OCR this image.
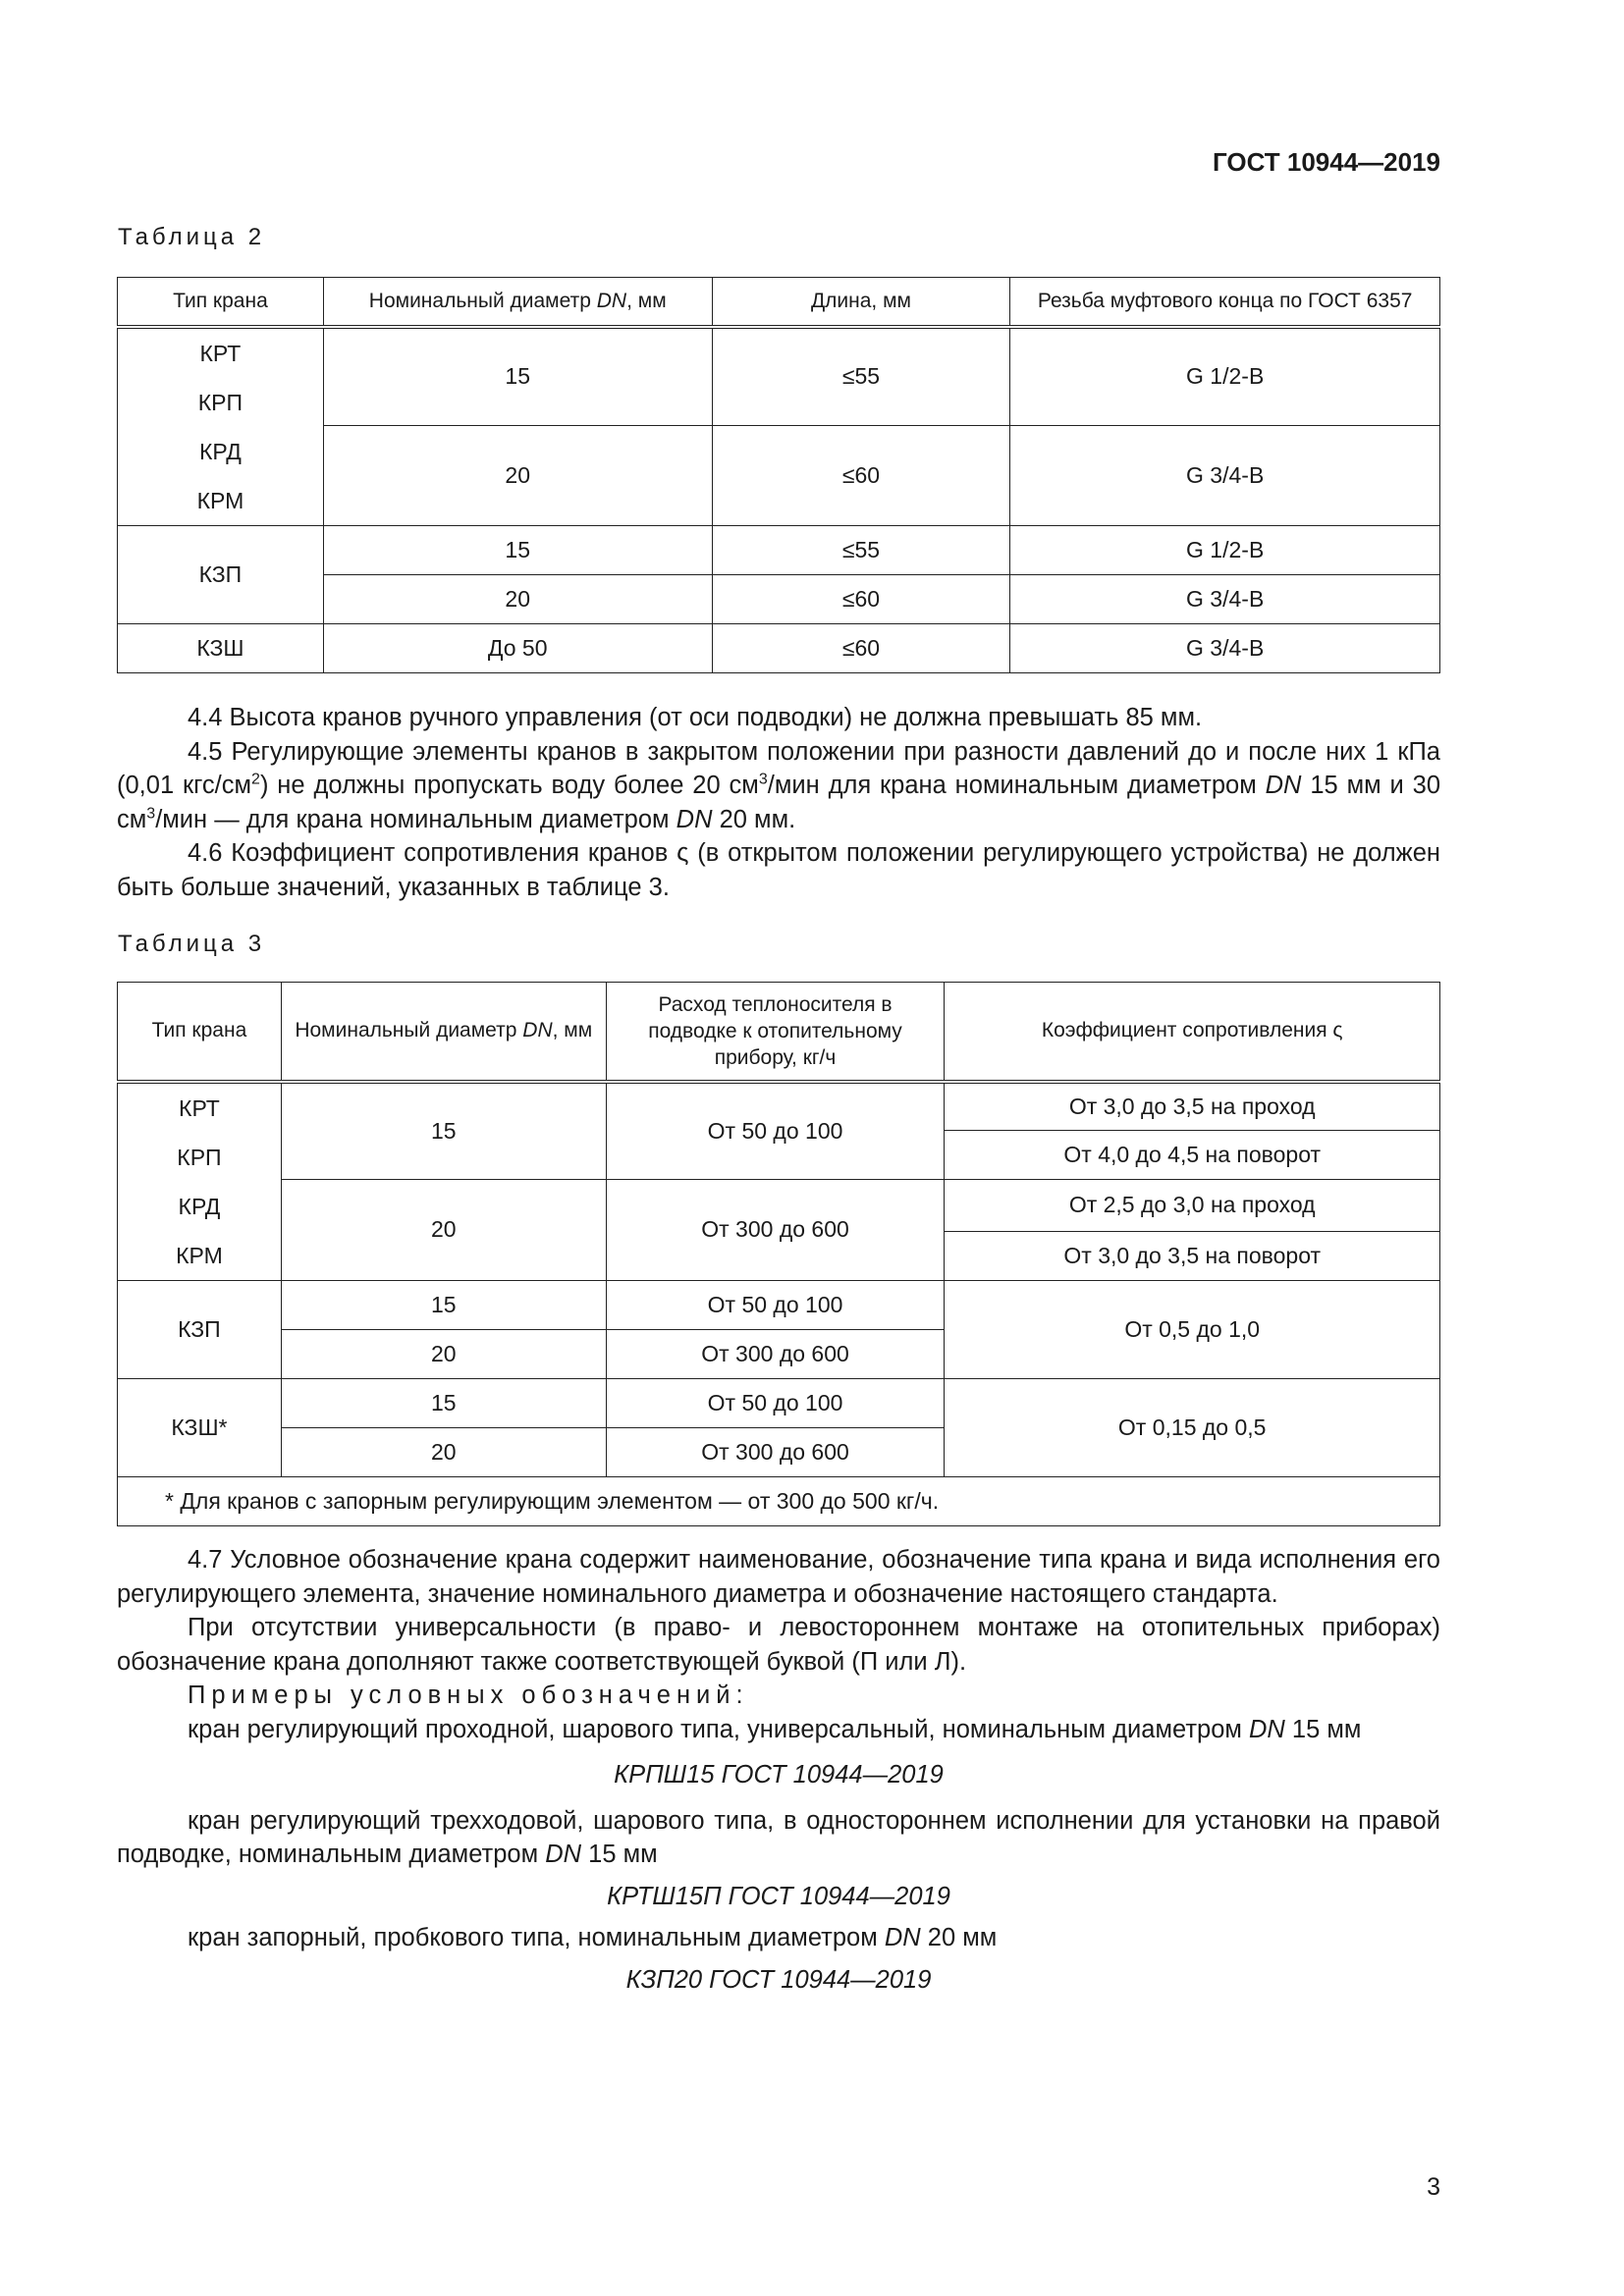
ГОСТ 10944—2019
Таблица 2
Тип крана	Номинальный диаметр DN, мм	Длина, мм	Резьба муфтового конца по ГОСТ 6357

КРТ
КРП
КРД
КРМ	15	≤55	G 1/2-В
	20	≤60	G 3/4-В
КЗП	15	≤55	G 1/2-В
	20	≤60	G 3/4-В
КЗШ	До 50	≤60	G 3/4-В

4.4 Высота кранов ручного управления (от оси подводки) не должна превышать 85 мм.

4.5 Регулирующие элементы кранов в закрытом положении при разности давлений до и после них 1 кПа (0,01 кгс/$см^2$) не должны пропускать воду более 20 $см^3$/мин для крана номинальным диаметром DN 15 мм и 30 $см^3$/мин — для крана номинальным диаметром DN 20 мм.

4.6 Коэффициент сопротивления кранов ς (в открытом положении регулирующего устройства) не должен быть больше значений, указанных в таблице 3.

Таблица 3
Тип крана	Номинальный диаметр DN, мм	Расход теплоносителя в подводке к отопительному прибору, кг/ч	Коэффициент сопротивления ς

КРТ
КРП
КРД
КРМ	15	От 50 до 100	От 3,0 до 3,5 на проход
			От 4,0 до 4,5 на поворот
	20	От 300 до 600	От 2,5 до 3,0 на проход
			От 3,0 до 3,5 на поворот
КЗП	15	От 50 до 100	От 0,5 до 1,0
	20	От 300 до 600	
КЗШ*	15	От 50 до 100	От 0,15 до 0,5
	20	От 300 до 600	
* Для кранов с запорным регулирующим элементом — от 300 до 500 кг/ч.			

4.7 Условное обозначение крана содержит наименование, обозначение типа крана и вида исполнения его регулирующего элемента, значение номинального диаметра и обозначение настоящего стандарта.

При отсутствии универсальности (в право- и левостороннем монтаже на отопительных приборах) обозначение крана дополняют также соответствующей буквой (П или Л).

Примеры условных обозначений:

кран регулирующий проходной, шарового типа, универсальный, номинальным диаметром DN 15 мм

КРПШ15 ГОСТ 10944—2019

кран регулирующий трехходовой, шарового типа, в одностороннем исполнении для установки на правой подводке, номинальным диаметром DN 15 мм

КРТШ15П ГОСТ 10944—2019

кран запорный, пробкового типа, номинальным диаметром DN 20 мм

КЗП20 ГОСТ 10944—2019

3
